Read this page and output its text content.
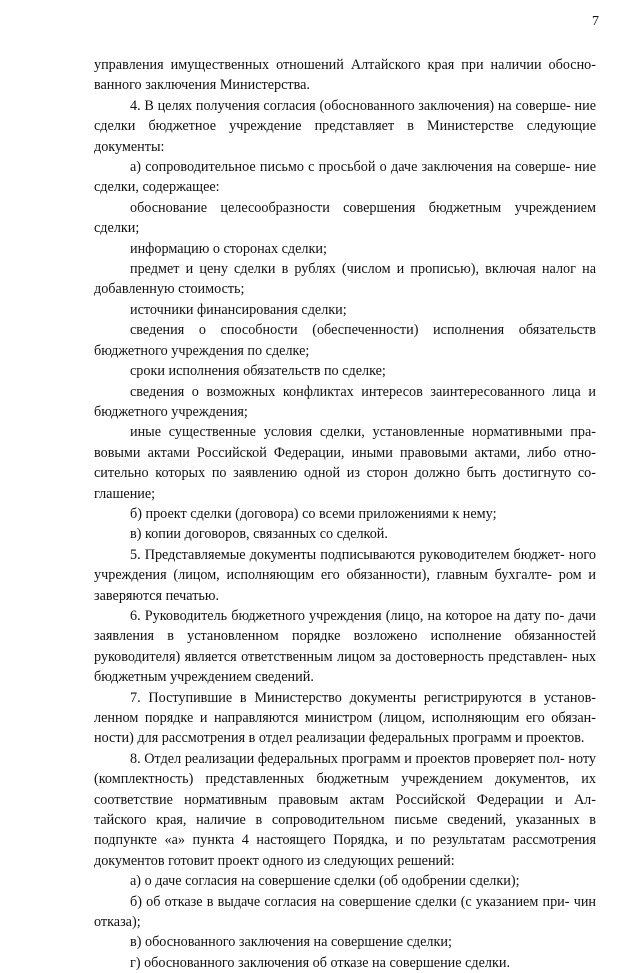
7

управления имущественных отношений Алтайского края при наличии обосно- ванного заключения Министерства.

4. В целях получения согласия (обоснованного заключения) на соверше- ние сделки бюджетное учреждение представляет в Министерстве следующие документы:

а) сопроводительное письмо с просьбой о даче заключения на соверше- ние сделки, содержащее:

обоснование целесообразности совершения бюджетным учреждением сделки;

информацию о сторонах сделки;

предмет и цену сделки в рублях (числом и прописью), включая налог на добавленную стоимость;

источники финансирования сделки;

сведения о способности (обеспеченности) исполнения обязательств бюджетного учреждения по сделке;

сроки исполнения обязательств по сделке;

сведения о возможных конфликтах интересов заинтересованного лица и бюджетного учреждения;

иные существенные условия сделки, установленные нормативными пра- вовыми актами Российской Федерации, иными правовыми актами, либо отно- сительно которых по заявлению одной из сторон должно быть достигнуто со- глашение;

б) проект сделки (договора) со всеми приложениями к нему;

в) копии договоров, связанных со сделкой.

5. Представляемые документы подписываются руководителем бюджет- ного учреждения (лицом, исполняющим его обязанности), главным бухгалте- ром и заверяются печатью.

6. Руководитель бюджетного учреждения (лицо, на которое на дату по- дачи заявления в установленном порядке возложено исполнение обязанностей руководителя) является ответственным лицом за достоверность представлен- ных бюджетным учреждением сведений.

7. Поступившие в Министерство документы регистрируются в установ- ленном порядке и направляются министром (лицом, исполняющим его обязан- ности) для рассмотрения в отдел реализации федеральных программ и проектов.

8. Отдел реализации федеральных программ и проектов проверяет пол- ноту (комплектность) представленных бюджетным учреждением документов, их соответствие нормативным правовым актам Российской Федерации и Ал- тайского края, наличие в сопроводительном письме сведений, указанных в подпункте «а» пункта 4 настоящего Порядка, и по результатам рассмотрения документов готовит проект одного из следующих решений:

а) о даче согласия на совершение сделки (об одобрении сделки);

б) об отказе в выдаче согласия на совершение сделки (с указанием при- чин отказа);

в) обоснованного заключения на совершение сделки;

г) обоснованного заключения об отказе на совершение сделки.
